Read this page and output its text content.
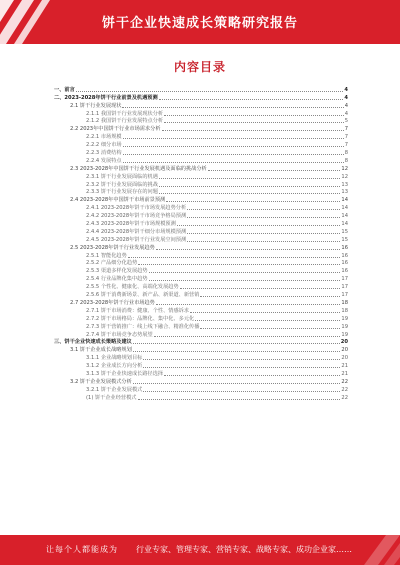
饼干企业快速成长策略研究报告
内容目录
一、前言	4
二、2023-2028年饼干行业前景及机遇预测	4
2.1 饼干行业发展现状	4
2.1.1 我国饼干行业发展现状分析	4
2.1.2 我国饼干行业发展特点分析	5
2.2 2023年中国饼干行业市场需求分析	7
2.2.1 市场规模	7
2.2.2 细分市场	7
2.2.3 消费结构	8
2.2.4 发展特点	8
2.3 2023-2028年中国饼干行业发展机遇及面临的挑战分析	12
2.3.1 饼干行业发展面临的机遇	12
2.3.2 饼干行业发展面临的挑战	13
2.3.3 饼干行业发展存在的问题	13
2.4 2023-2028年中国饼干市场前景预测	14
2.4.1 2023-2028年饼干市场发展趋势分析	14
2.4.2 2023-2028年饼干市场竞争格局预测	14
2.4.3 2023-2028年饼干市场规模预测	14
2.4.4 2023-2028年饼干细分市场规模预测	15
2.4.5 2023-2028年饼干行业发展空间预测	15
2.5 2023-2028年饼干行业发展趋势	16
2.5.1 智能化趋势	16
2.5.2 产品细分化趋势	16
2.5.3 渠道多样化发展趋势	16
2.5.4 行业品牌化集中趋势	17
2.5.5 个性化、健康化、高端化发展趋势	17
2.5.6 饼干消费新场景、新产品、新渠道、新营销	17
2.7 2023-2028年饼干行业市场趋势	18
2.7.1 饼干市场消费：健康、个性、情感诉求	18
2.7.2 饼干市场格局：品牌化、集中化、多元化	19
2.7.3 饼干营销推广：线上线下融合、精准化传播	19
2.7.4 饼干市场竞争态势展望	19
三、饼干企业快速成长策略及建议	20
3.1 饼干企业成长战略规划	20
3.1.1 企业战略规划目标	20
3.1.2 企业成长方向分析	21
3.1.3 饼干企业快速成长路径选择	21
3.2 饼干企业发展模式分析	22
3.2.1 饼干企业发展模式	22
(1) 饼干企业经营模式	22
让每个人都能成为 行业专家、管理专家、营销专家、战略专家、成功企业家……
